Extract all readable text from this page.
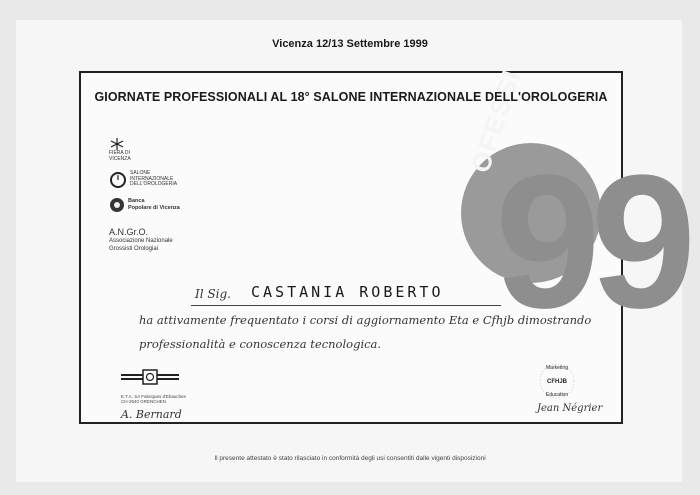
Vicenza 12/13 Settembre 1999
OFESSI
99
GIORNATE PROFESSIONALI AL 18° SALONE INTERNAZIONALE DELL'OROLOGERIA
FIERA DI
VICENZA
SALONE
INTERNAZIONALE
DELL'OROLOGERIA
Banca
Popolare di Vicenza
A.N.Gr.O.
Associazione Nazionale
Grossisti Orologiai
Il Sig. CASTANIA ROBERTO
ha attivamente frequentato i corsi di aggiornamento Eta e Cfhjb dimostrando
professionalità e conoscenza tecnologica.
E.T.A. SA Fabriques d'Ebauches
CH-2540 GRENCHEN
A. Bernard
Marketing
CFHJB
Education
Jean Négrier
Il presente attestato è stato rilasciato in conformità degli usi consentiti dalle vigenti disposizioni
